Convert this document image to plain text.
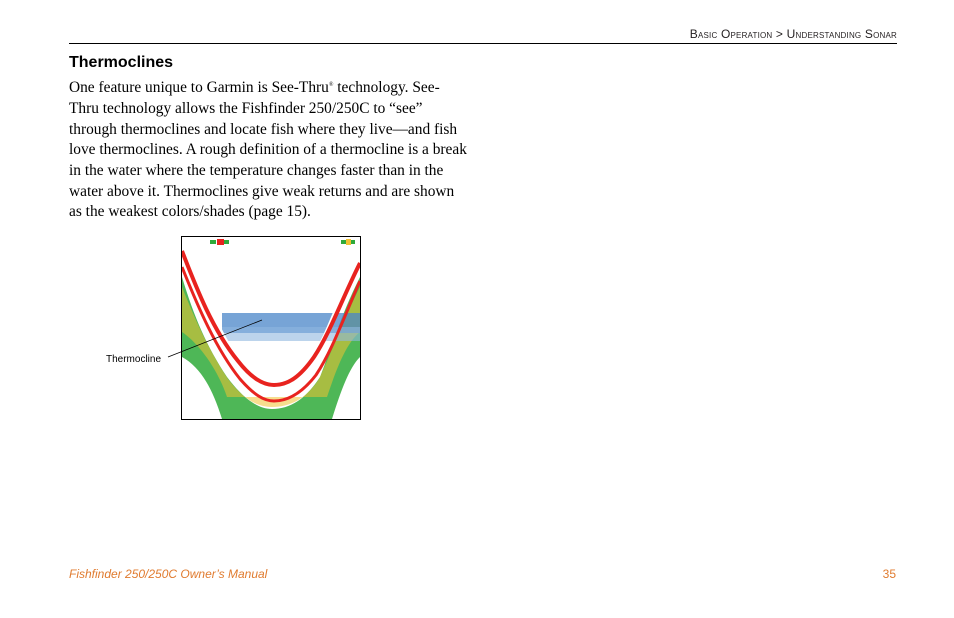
Basic Operation > Understanding Sonar
Thermoclines

One feature unique to Garmin is See-Thru® technology. See-Thru technology allows the Fishfinder 250/250C to “see” through thermoclines and locate fish where they live—and fish love thermoclines. A rough definition of a thermocline is a break in the water where the temperature changes faster than in the water above it. Thermoclines give weak returns and are shown as the weakest colors/shades (page 15).

Thermocline
Fishfinder 250/250C Owner’s Manual	35
